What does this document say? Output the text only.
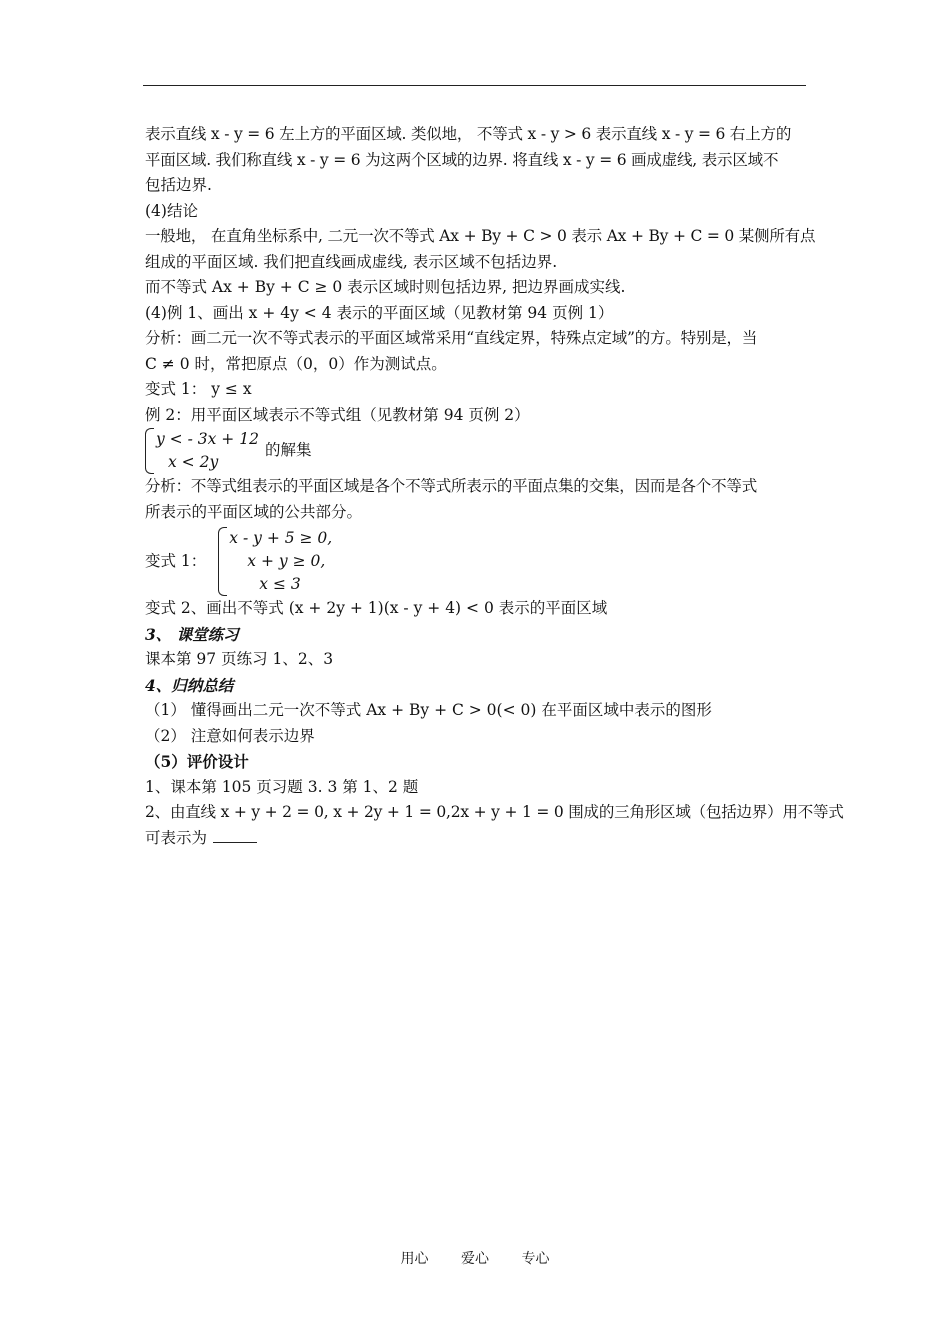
表示直线 x - y = 6 左上方的平面区域. 类似地， 不等式 x - y > 6 表示直线 x - y = 6 右上方的

平面区域. 我们称直线 x - y = 6 为这两个区域的边界. 将直线 x - y = 6 画成虚线, 表示区域不

包括边界.

(4)结论

一般地， 在直角坐标系中, 二元一次不等式 Ax + By + C > 0 表示 Ax + By + C = 0 某侧所有点

组成的平面区域. 我们把直线画成虚线, 表示区域不包括边界.

而不等式 Ax + By + C ≥ 0 表示区域时则包括边界, 把边界画成实线.

(4)例 1、画出 x + 4y < 4 表示的平面区域（见教材第 94 页例 1）

分析：画二元一次不等式表示的平面区域常采用“直线定界，特殊点定域”的方。特别是，当

C ≠ 0 时，常把原点（0，0）作为测试点。

变式 1： y ≤ x

例 2：用平面区域表示不等式组（见教材第 94 页例 2）

y < - 3x + 12
x < 2y
的解集

分析：不等式组表示的平面区域是各个不等式所表示的平面点集的交集，因而是各个不等式

所表示的平面区域的公共部分。

变式 1：
x - y + 5 ≥ 0,
x + y ≥ 0,
x ≤ 3

变式 2、画出不等式 (x + 2y + 1)(x - y + 4) < 0 表示的平面区域

3、 课堂练习

课本第 97 页练习 1、2、3

4、归纳总结

（1） 懂得画出二元一次不等式 Ax + By + C > 0(< 0) 在平面区域中表示的图形

（2） 注意如何表示边界

（5）评价设计

1、课本第 105 页习题 3. 3 第 1、2 题

2、由直线 x + y + 2 = 0, x + 2y + 1 = 0,2x + y + 1 = 0 围成的三角形区域（包括边界）用不等式

可表示为

用心 爱心 专心
